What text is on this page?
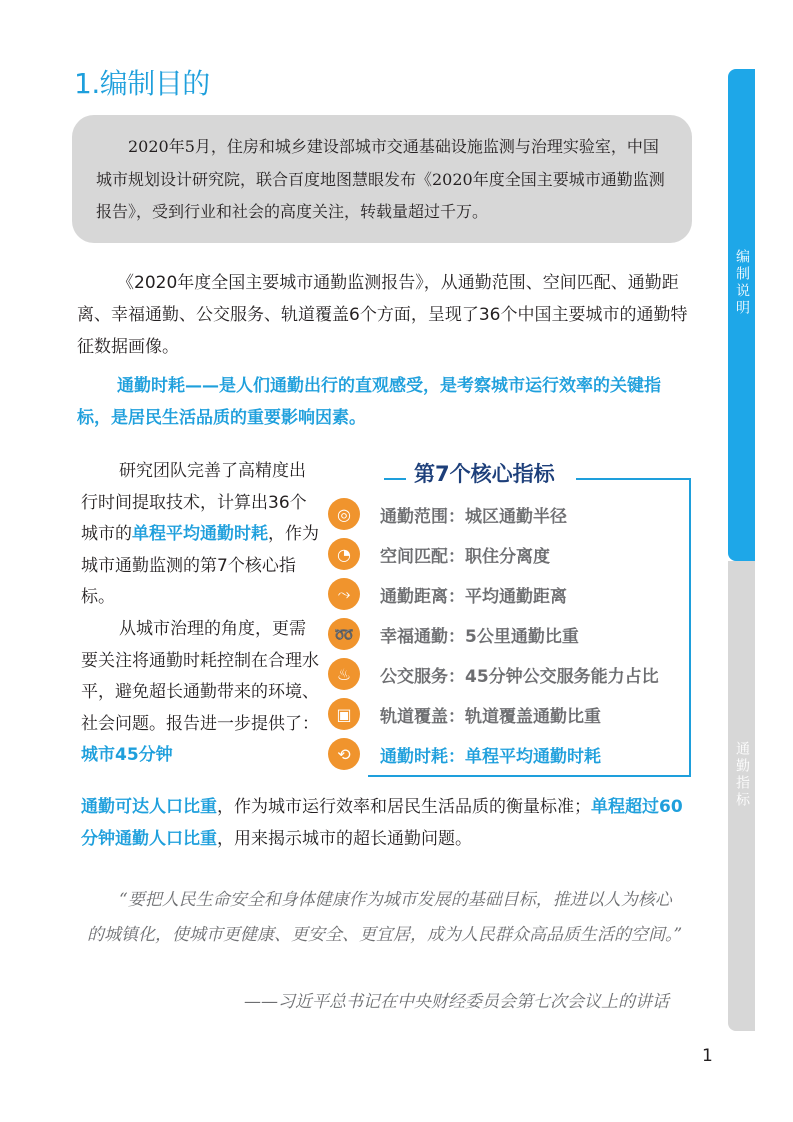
1.编制目的

2020年5月，住房和城乡建设部城市交通基础设施监测与治理实验室，中国城市规划设计研究院，联合百度地图慧眼发布《2020年度全国主要城市通勤监测报告》，受到行业和社会的高度关注，转载量超过千万。

《2020年度全国主要城市通勤监测报告》，从通勤范围、空间匹配、通勤距离、幸福通勤、公交服务、轨道覆盖6个方面，呈现了36个中国主要城市的通勤特征数据画像。

通勤时耗——是人们通勤出行的直观感受，是考察城市运行效率的关键指标，是居民生活品质的重要影响因素。

研究团队完善了高精度出行时间提取技术，计算出36个城市的单程平均通勤时耗，作为城市通勤监测的第7个核心指标。
从城市治理的角度，更需要关注将通勤时耗控制在合理水平，避免超长通勤带来的环境、社会问题。报告进一步提供了：城市45分钟

通勤可达人口比重，作为城市运行效率和居民生活品质的衡量标准；单程超过60分钟通勤人口比重，用来揭示城市的超长通勤问题。

第7个核心指标
◎	通勤范围：城区通勤半径
◔	空间匹配：职住分离度
⤳	通勤距离：平均通勤距离
➿	幸福通勤：5公里通勤比重
♨	公交服务：45分钟公交服务能力占比
▣	轨道覆盖：轨道覆盖通勤比重
⟲	通勤时耗：单程平均通勤时耗

“要把人民生命安全和身体健康作为城市发展的基础目标，推进以人为核心的城镇化，使城市更健康、更安全、更宜居，成为人民群众高品质生活的空间。”

——习近平总书记在中央财经委员会第七次会议上的讲话
编制说明
通勤指标
1
